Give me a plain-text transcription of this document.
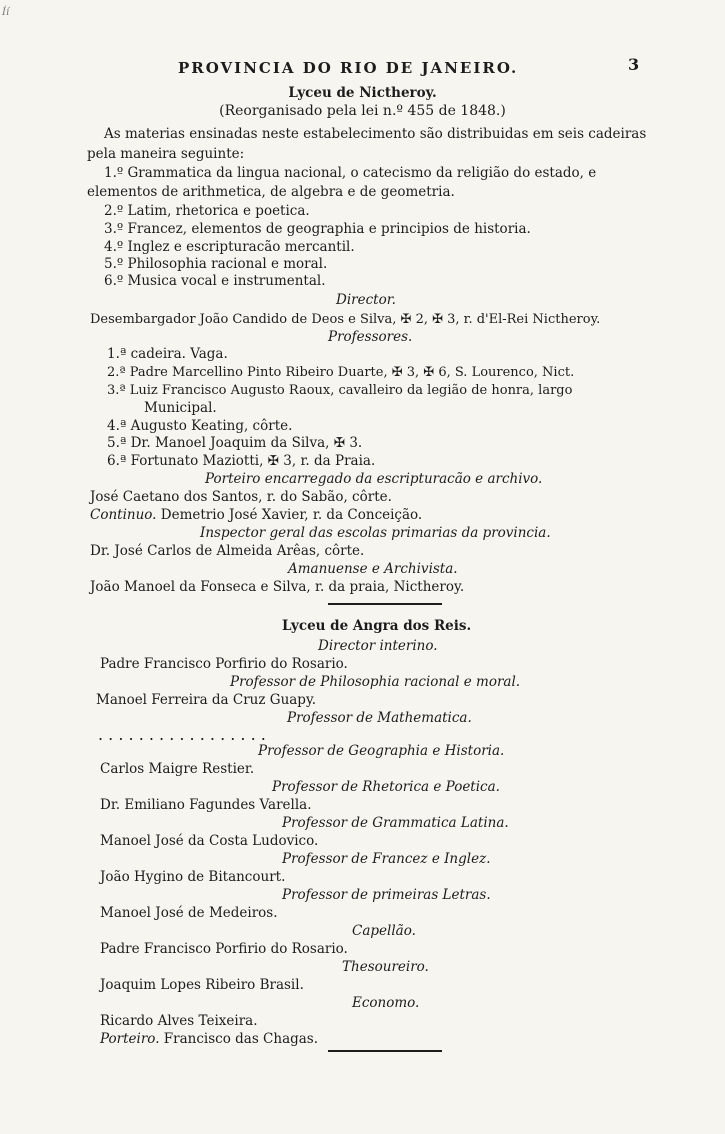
Í́í
PROVINCIA DO RIO DE JANEIRO.	3
Lyceu de Nictheroy.
(Reorganisado pela lei n.º 455 de 1848.)
As materias ensinadas neste estabelecimento são distribuidas em seis cadeiras
pela maneira seguinte:
1.º Grammatica da lingua nacional, o catecismo da religião do estado, e
elementos de arithmetica, de algebra e de geometria.
2.º Latim, rhetorica e poetica.
3.º Francez, elementos de geographia e principios de historia.
4.º Inglez e escripturacão mercantil.
5.º Philosophia racional e moral.
6.º Musica vocal e instrumental.
Director.
Desembargador João Candido de Deos e Silva, ✠ 2, ✠ 3, r. d'El-Rei Nictheroy.
Professores.
1.ª cadeira. Vaga.
2.ª Padre Marcellino Pinto Ribeiro Duarte, ✠ 3, ✠ 6, S. Lourenco, Nict.
3.ª Luiz Francisco Augusto Raoux, cavalleiro da legião de honra, largo
Municipal.
4.ª Augusto Keating, côrte.
5.ª Dr. Manoel Joaquim da Silva, ✠ 3.
6.ª Fortunato Maziotti, ✠ 3, r. da Praia.
Porteiro encarregado da escripturacão e archivo.
José Caetano dos Santos, r. do Sabão, côrte.
Continuo. Demetrio José Xavier, r. da Conceição.
Inspector geral das escolas primarias da provincia.
Dr. José Carlos de Almeida Arêas, côrte.
Amanuense e Archivista.
João Manoel da Fonseca e Silva, r. da praia, Nictheroy.
Lyceu de Angra dos Reis.
Director interino.
Padre Francisco Porfirio do Rosario.
Professor de Philosophia racional e moral.
Manoel Ferreira da Cruz Guapy.
Professor de Mathematica.
. . . . . . . . . . . . . . . . .
Professor de Geographia e Historia.
Carlos Maigre Restier.
Professor de Rhetorica e Poetica.
Dr. Emiliano Fagundes Varella.
Professor de Grammatica Latina.
Manoel José da Costa Ludovico.
Professor de Francez e Inglez.
João Hygino de Bitancourt.
Professor de primeiras Letras.
Manoel José de Medeiros.
Capellão.
Padre Francisco Porfirio do Rosario.
Thesoureiro.
Joaquim Lopes Ribeiro Brasil.
Economo.
Ricardo Alves Teixeira.
Porteiro. Francisco das Chagas.
